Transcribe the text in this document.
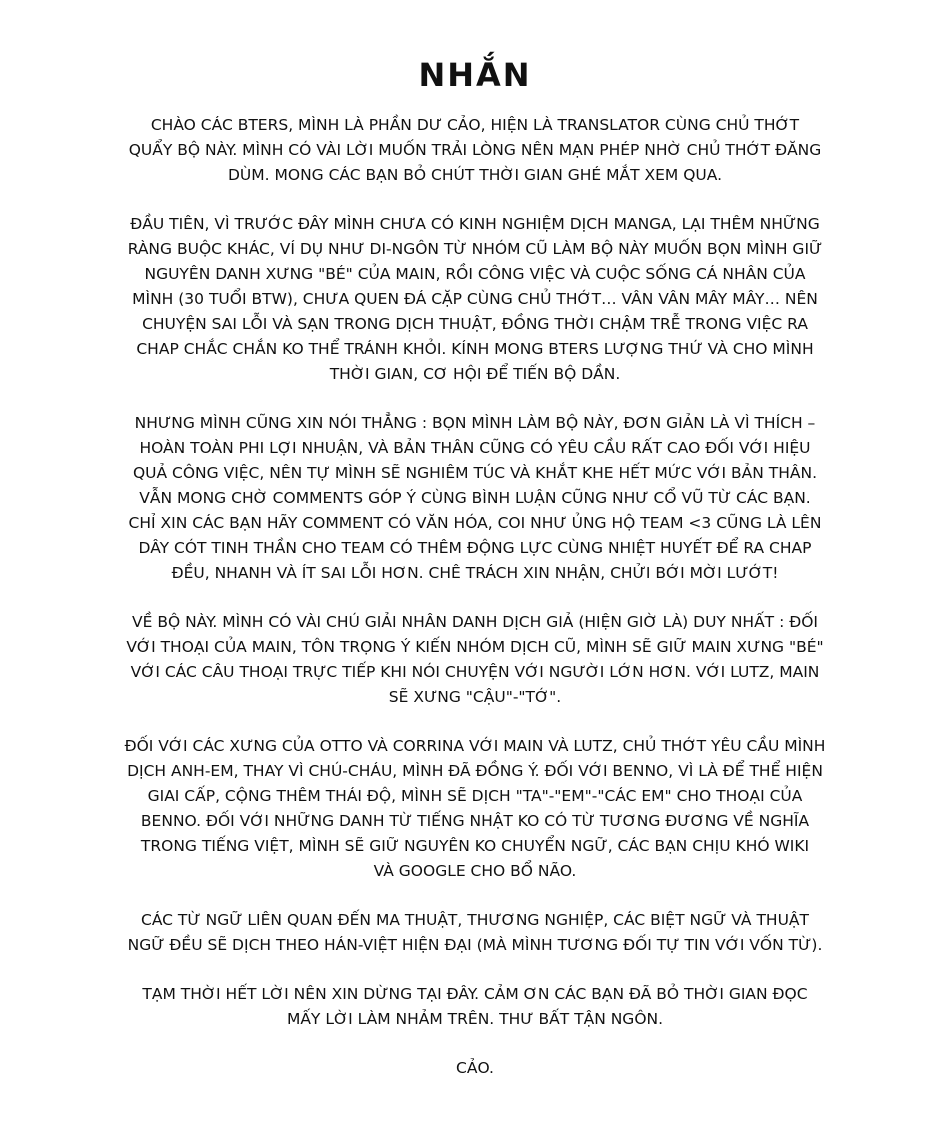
NHẮN
CHÀO CÁC BTERS, MÌNH LÀ PHẦN DƯ CẢO, HIỆN LÀ TRANSLATOR CÙNG CHỦ THỚT
QUẨY BỘ NÀY. MÌNH CÓ VÀI LỜI MUỐN TRẢI LÒNG NÊN MẠN PHÉP NHỜ CHỦ THỚT ĐĂNG
DÙM. MONG CÁC BẠN BỎ CHÚT THỜI GIAN GHÉ MẮT XEM QUA.
ĐẦU TIÊN, VÌ TRƯỚC ĐÂY MÌNH CHƯA CÓ KINH NGHIỆM DỊCH MANGA, LẠI THÊM NHỮNG
RÀNG BUỘC KHÁC, VÍ DỤ NHƯ DI-NGÔN TỪ NHÓM CŨ LÀM BỘ NÀY MUỐN BỌN MÌNH GIỮ
NGUYÊN DANH XƯNG "BÉ" CỦA MAIN, RỒI CÔNG VIỆC VÀ CUỘC SỐNG CÁ NHÂN CỦA
MÌNH (30 TUỔI BTW), CHƯA QUEN ĐÁ CẶP CÙNG CHỦ THỚT… VÂN VÂN MÂY MÂY… NÊN
CHUYỆN SAI LỖI VÀ SẠN TRONG DỊCH THUẬT, ĐỒNG THỜI CHẬM TRỄ TRONG VIỆC RA
CHAP CHẮC CHẮN KO THỂ TRÁNH KHỎI. KÍNH MONG BTERS LƯỢNG THỨ VÀ CHO MÌNH
THỜI GIAN, CƠ HỘI ĐỂ TIẾN BỘ DẦN.
NHƯNG MÌNH CŨNG XIN NÓI THẲNG : BỌN MÌNH LÀM BỘ NÀY, ĐƠN GIẢN LÀ VÌ THÍCH –
HOÀN TOÀN PHI LỢI NHUẬN, VÀ BẢN THÂN CŨNG CÓ YÊU CẦU RẤT CAO ĐỐI VỚI HIỆU
QUẢ CÔNG VIỆC, NÊN TỰ MÌNH SẼ NGHIÊM TÚC VÀ KHẮT KHE HẾT MỨC VỚI BẢN THÂN.
VẪN MONG CHỜ COMMENTS GÓP Ý CÙNG BÌNH LUẬN CŨNG NHƯ CỔ VŨ TỪ CÁC BẠN.
CHỈ XIN CÁC BẠN HÃY COMMENT CÓ VĂN HÓA, COI NHƯ ỦNG HỘ TEAM <3 CŨNG LÀ LÊN
DÂY CÓT TINH THẦN CHO TEAM CÓ THÊM ĐỘNG LỰC CÙNG NHIỆT HUYẾT ĐỂ RA CHAP
ĐỀU, NHANH VÀ ÍT SAI LỖI HƠN. CHÊ TRÁCH XIN NHẬN, CHỬI BỚI MỜI LƯỚT!
VỀ BỘ NÀY. MÌNH CÓ VÀI CHÚ GIẢI NHÂN DANH DỊCH GIẢ (HIỆN GIỜ LÀ) DUY NHẤT : ĐỐI
VỚI THOẠI CỦA MAIN, TÔN TRỌNG Ý KIẾN NHÓM DỊCH CŨ, MÌNH SẼ GIỮ MAIN XƯNG "BÉ"
VỚI CÁC CÂU THOẠI TRỰC TIẾP KHI NÓI CHUYỆN VỚI NGƯỜI LỚN HƠN. VỚI LUTZ, MAIN
SẼ XƯNG "CẬU"-"TỚ".
ĐỐI VỚI CÁC XƯNG CỦA OTTO VÀ CORRINA VỚI MAIN VÀ LUTZ, CHỦ THỚT YÊU CẦU MÌNH
DỊCH ANH-EM, THAY VÌ CHÚ-CHÁU, MÌNH ĐÃ ĐỒNG Ý. ĐỐI VỚI BENNO, VÌ LÀ ĐỂ THỂ HIỆN
GIAI CẤP, CỘNG THÊM THÁI ĐỘ, MÌNH SẼ DỊCH "TA"-"EM"-"CÁC EM" CHO THOẠI CỦA
BENNO. ĐỐI VỚI NHỮNG DANH TỪ TIẾNG NHẬT KO CÓ TỪ TƯƠNG ĐƯƠNG VỀ NGHĨA
TRONG TIẾNG VIỆT, MÌNH SẼ GIỮ NGUYÊN KO CHUYỂN NGỮ, CÁC BẠN CHỊU KHÓ WIKI
VÀ GOOGLE CHO BỔ NÃO.
CÁC TỪ NGỮ LIÊN QUAN ĐẾN MA THUẬT, THƯƠNG NGHIỆP, CÁC BIỆT NGỮ VÀ THUẬT
NGỮ ĐỀU SẼ DỊCH THEO HÁN-VIỆT HIỆN ĐẠI (MÀ MÌNH TƯƠNG ĐỐI TỰ TIN VỚI VỐN TỪ).
TẠM THỜI HẾT LỜI NÊN XIN DỪNG TẠI ĐÂY. CẢM ƠN CÁC BẠN ĐÃ BỎ THỜI GIAN ĐỌC
MẤY LỜI LÀM NHẢM TRÊN. THƯ BẤT TẬN NGÔN.
CẢO.
